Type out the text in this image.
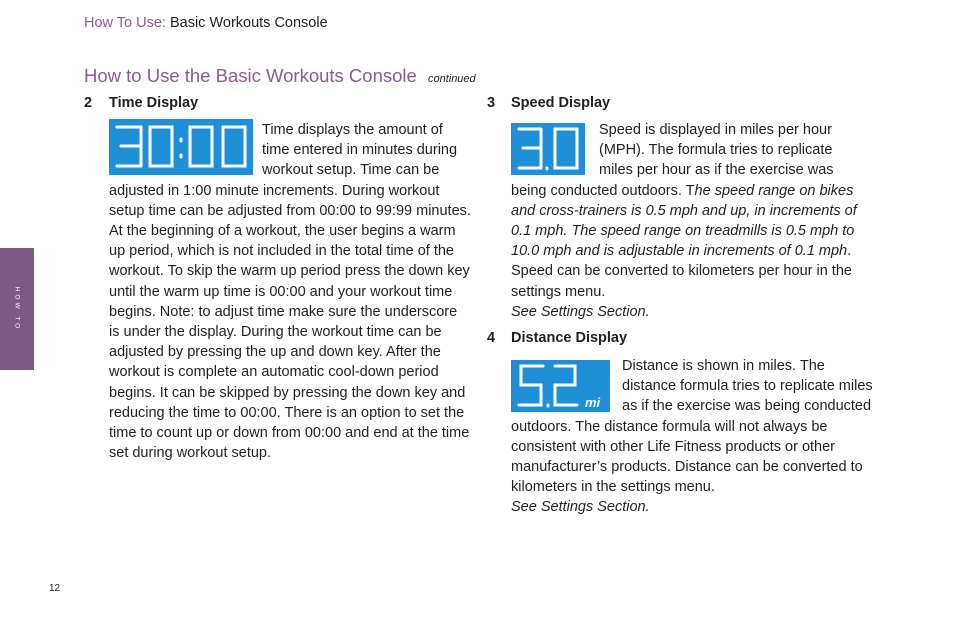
How To Use: Basic Workouts Console
How to Use the Basic Workouts Console continued
HOW TO
2 Time Display
Time displays the amount of time entered in minutes during workout setup. Time can be adjusted in 1:00 minute increments. During workout setup time can be adjusted from 00:00 to 99:99 minutes. At the beginning of a workout, the user begins a warm up period, which is not included in the total time of the workout. To skip the warm up period press the down key until the warm up time is 00:00 and your workout time begins. Note: to adjust time make sure the underscore is under the display. During the workout time can be adjusted by pressing the up and down key. After the workout is complete an automatic cool-down period begins. It can be skipped by pressing the down key and reducing the time to 00:00. There is an option to set the time to count up or down from 00:00 and end at the time set during workout setup.
3 Speed Display
Speed is displayed in miles per hour (MPH). The formula tries to replicate miles per hour as if the exercise was being conducted outdoors. The speed range on bikes and cross-trainers is 0.5 mph and up, in increments of 0.1 mph. The speed range on treadmills is 0.5 mph to 10.0 mph and is adjustable in increments of 0.1 mph. Speed can be converted to kilometers per hour in the settings menu.
See Settings Section.
4 Distance Display
mi
Distance is shown in miles. The distance formula tries to replicate miles as if the exercise was being conducted outdoors. The distance formula will not always be consistent with other Life Fitness products or other manufacturer’s products. Distance can be converted to kilometers in the settings menu.
See Settings Section.
12
